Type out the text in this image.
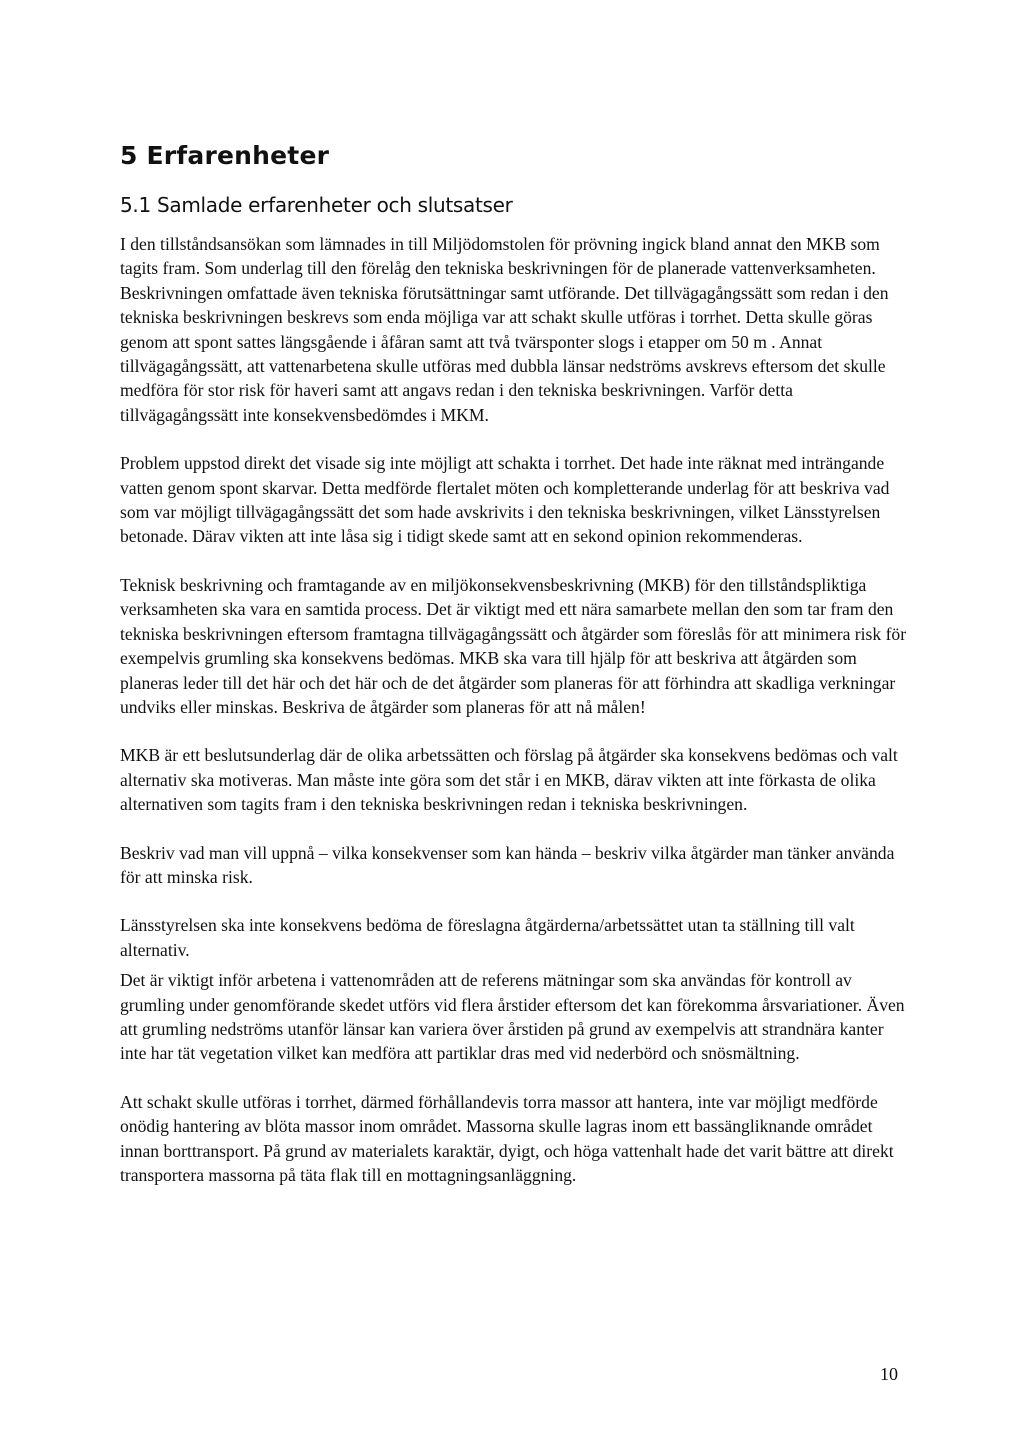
5 Erfarenheter
5.1 Samlade erfarenheter och slutsatser

I den tillståndsansökan som lämnades in till Miljödomstolen för prövning ingick bland annat den MKB som tagits fram. Som underlag till den förelåg den tekniska beskrivningen för de planerade vattenverksamheten. Beskrivningen omfattade även tekniska förutsättningar samt utförande. Det tillvägagångssätt som redan i den tekniska beskrivningen beskrevs som enda möjliga var att schakt skulle utföras i torrhet. Detta skulle göras genom att spont sattes längsgående i åfåran samt att två tvärsponter slogs i etapper om 50 m . Annat tillvägagångssätt, att vattenarbetena skulle utföras med dubbla länsar nedströms avskrevs eftersom det skulle medföra för stor risk för haveri samt att angavs redan i den tekniska beskrivningen. Varför detta tillvägagångssätt inte konsekvensbedömdes i MKM.

Problem uppstod direkt det visade sig inte möjligt att schakta i torrhet. Det hade inte räknat med inträngande vatten genom spont skarvar. Detta medförde flertalet möten och kompletterande underlag för att beskriva vad som var möjligt tillvägagångssätt det som hade avskrivits i den tekniska beskrivningen, vilket Länsstyrelsen betonade. Därav vikten att inte låsa sig i tidigt skede samt att en sekond opinion rekommenderas.

Teknisk beskrivning och framtagande av en miljökonsekvensbeskrivning (MKB) för den tillståndspliktiga verksamheten ska vara en samtida process. Det är viktigt med ett nära samarbete mellan den som tar fram den tekniska beskrivningen eftersom framtagna tillvägagångssätt och åtgärder som föreslås för att minimera risk för exempelvis grumling ska konsekvens bedömas. MKB ska vara till hjälp för att beskriva att åtgärden som planeras leder till det här och det här och de det åtgärder som planeras för att förhindra att skadliga verkningar undviks eller minskas. Beskriva de åtgärder som planeras för att nå målen!

MKB är ett beslutsunderlag där de olika arbetssätten och förslag på åtgärder ska konsekvens bedömas och valt alternativ ska motiveras. Man måste inte göra som det står i en MKB, därav vikten att inte förkasta de olika alternativen som tagits fram i den tekniska beskrivningen redan i tekniska beskrivningen.

Beskriv vad man vill uppnå – vilka konsekvenser som kan hända – beskriv vilka åtgärder man tänker använda för att minska risk.

Länsstyrelsen ska inte konsekvens bedöma de föreslagna åtgärderna/arbetssättet utan ta ställning till valt alternativ.

Det är viktigt inför arbetena i vattenområden att de referens mätningar som ska användas för kontroll av grumling under genomförande skedet utförs vid flera årstider eftersom det kan förekomma årsvariationer. Även att grumling nedströms utanför länsar kan variera över årstiden på grund av exempelvis att strandnära kanter inte har tät vegetation vilket kan medföra att partiklar dras med vid nederbörd och snösmältning.

Att schakt skulle utföras i torrhet, därmed förhållandevis torra massor att hantera, inte var möjligt medförde onödig hantering av blöta massor inom området. Massorna skulle lagras inom ett bassängliknande området innan borttransport. På grund av materialets karaktär, dyigt, och höga vattenhalt hade det varit bättre att direkt transportera massorna på täta flak till en mottagningsanläggning.

10
